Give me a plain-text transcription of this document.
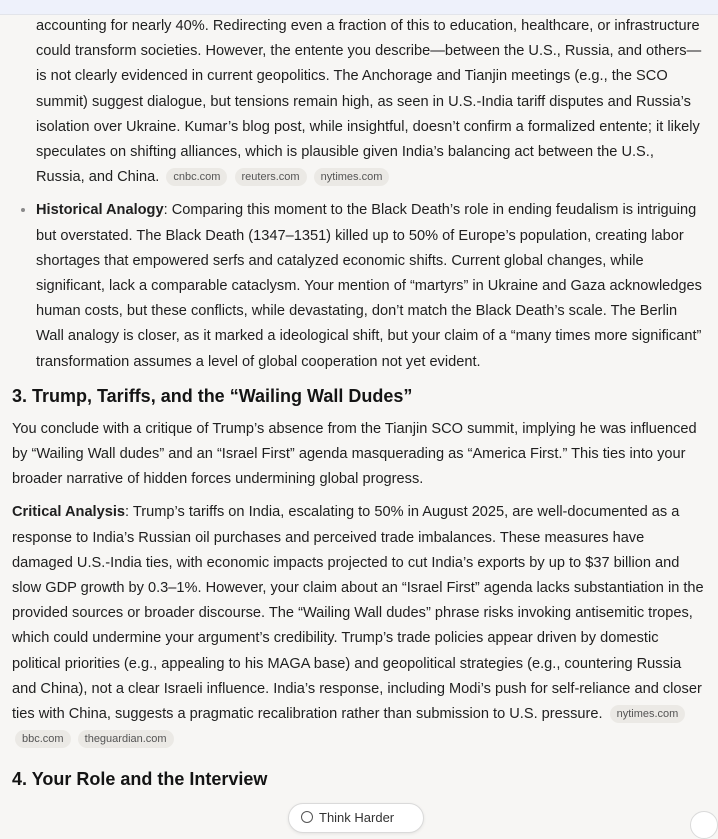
accounting for nearly 40%. Redirecting even a fraction of this to education, healthcare, or infrastructure could transform societies. However, the entente you describe—between the U.S., Russia, and others—is not clearly evidenced in current geopolitics. The Anchorage and Tianjin meetings (e.g., the SCO summit) suggest dialogue, but tensions remain high, as seen in U.S.-India tariff disputes and Russia’s isolation over Ukraine. Kumar’s blog post, while insightful, doesn’t confirm a formalized entente; it likely speculates on shifting alliances, which is plausible given India’s balancing act between the U.S., Russia, and China. cnbc.com reuters.com nytimes.com
• Historical Analogy: Comparing this moment to the Black Death’s role in ending feudalism is intriguing but overstated. The Black Death (1347–1351) killed up to 50% of Europe’s population, creating labor shortages that empowered serfs and catalyzed economic shifts. Current global changes, while significant, lack a comparable cataclysm. Your mention of “martyrs” in Ukraine and Gaza acknowledges human costs, but these conflicts, while devastating, don’t match the Black Death’s scale. The Berlin Wall analogy is closer, as it marked a ideological shift, but your claim of a “many times more significant” transformation assumes a level of global cooperation not yet evident.
3. Trump, Tariffs, and the “Wailing Wall Dudes”

You conclude with a critique of Trump’s absence from the Tianjin SCO summit, implying he was influenced by “Wailing Wall dudes” and an “Israel First” agenda masquerading as “America First.” This ties into your broader narrative of hidden forces undermining global progress.

Critical Analysis: Trump’s tariffs on India, escalating to 50% in August 2025, are well-documented as a response to India’s Russian oil purchases and perceived trade imbalances. These measures have damaged U.S.-India ties, with economic impacts projected to cut India’s exports by up to $37 billion and slow GDP growth by 0.3–1%. However, your claim about an “Israel First” agenda lacks substantiation in the provided sources or broader discourse. The “Wailing Wall dudes” phrase risks invoking antisemitic tropes, which could undermine your argument’s credibility. Trump’s trade policies appear driven by domestic political priorities (e.g., appealing to his MAGA base) and geopolitical strategies (e.g., countering Russia and China), not a clear Israeli influence. India’s response, including Modi’s push for self-reliance and closer ties with China, suggests a pragmatic recalibration rather than submission to U.S. pressure. nytimes.com bbc.com theguardian.com

4. Your Role and the Interview
Think Harder
